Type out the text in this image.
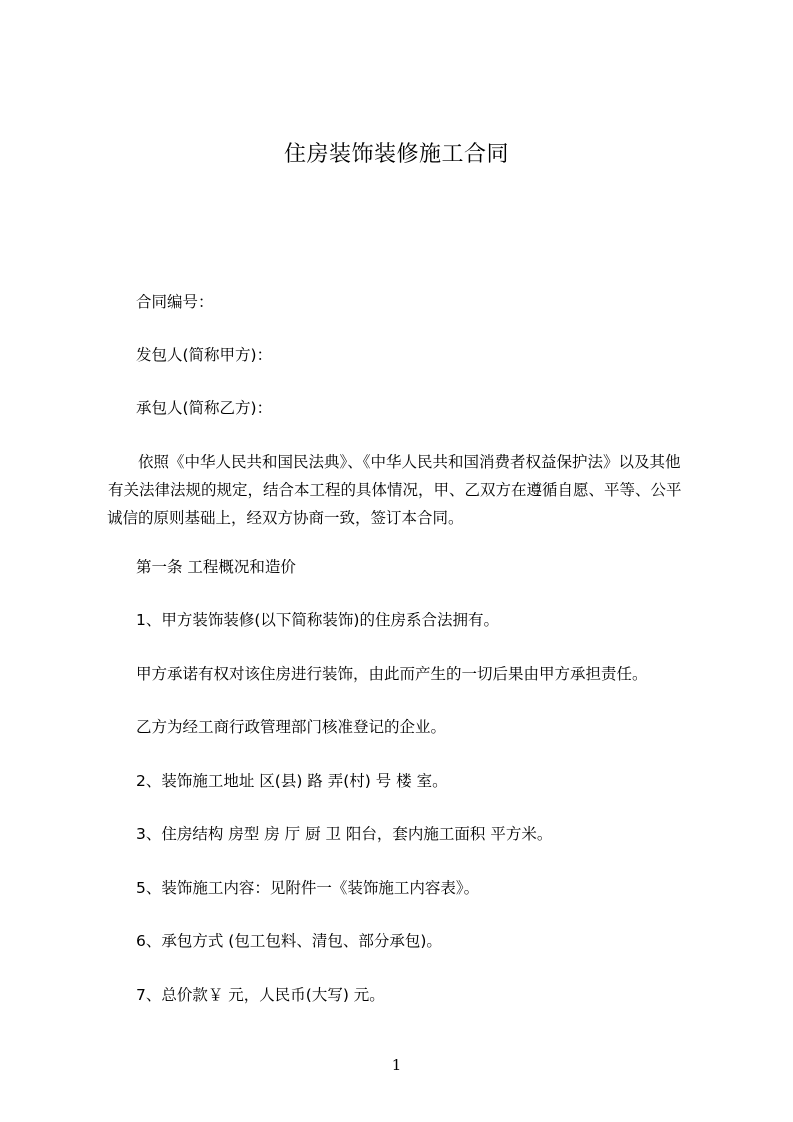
住房装饰装修施工合同
合同编号：
发包人(简称甲方)：
承包人(简称乙方)：
依照《中华人民共和国民法典》、《中华人民共和国消费者权益保护法》以及其他
有关法律法规的规定，结合本工程的具体情况，甲、乙双方在遵循自愿、平等、公平
诚信的原则基础上，经双方协商一致，签订本合同。
第一条 工程概况和造价
1、甲方装饰装修(以下简称装饰)的住房系合法拥有。
甲方承诺有权对该住房进行装饰，由此而产生的一切后果由甲方承担责任。
乙方为经工商行政管理部门核准登记的企业。
2、装饰施工地址 区(县) 路 弄(村) 号 楼 室。
3、住房结构 房型 房 厅 厨 卫 阳台，套内施工面积 平方米。
5、装饰施工内容：见附件一《装饰施工内容表》。
6、承包方式 (包工包料、清包、部分承包)。
7、总价款￥ 元，人民币(大写) 元。
1
